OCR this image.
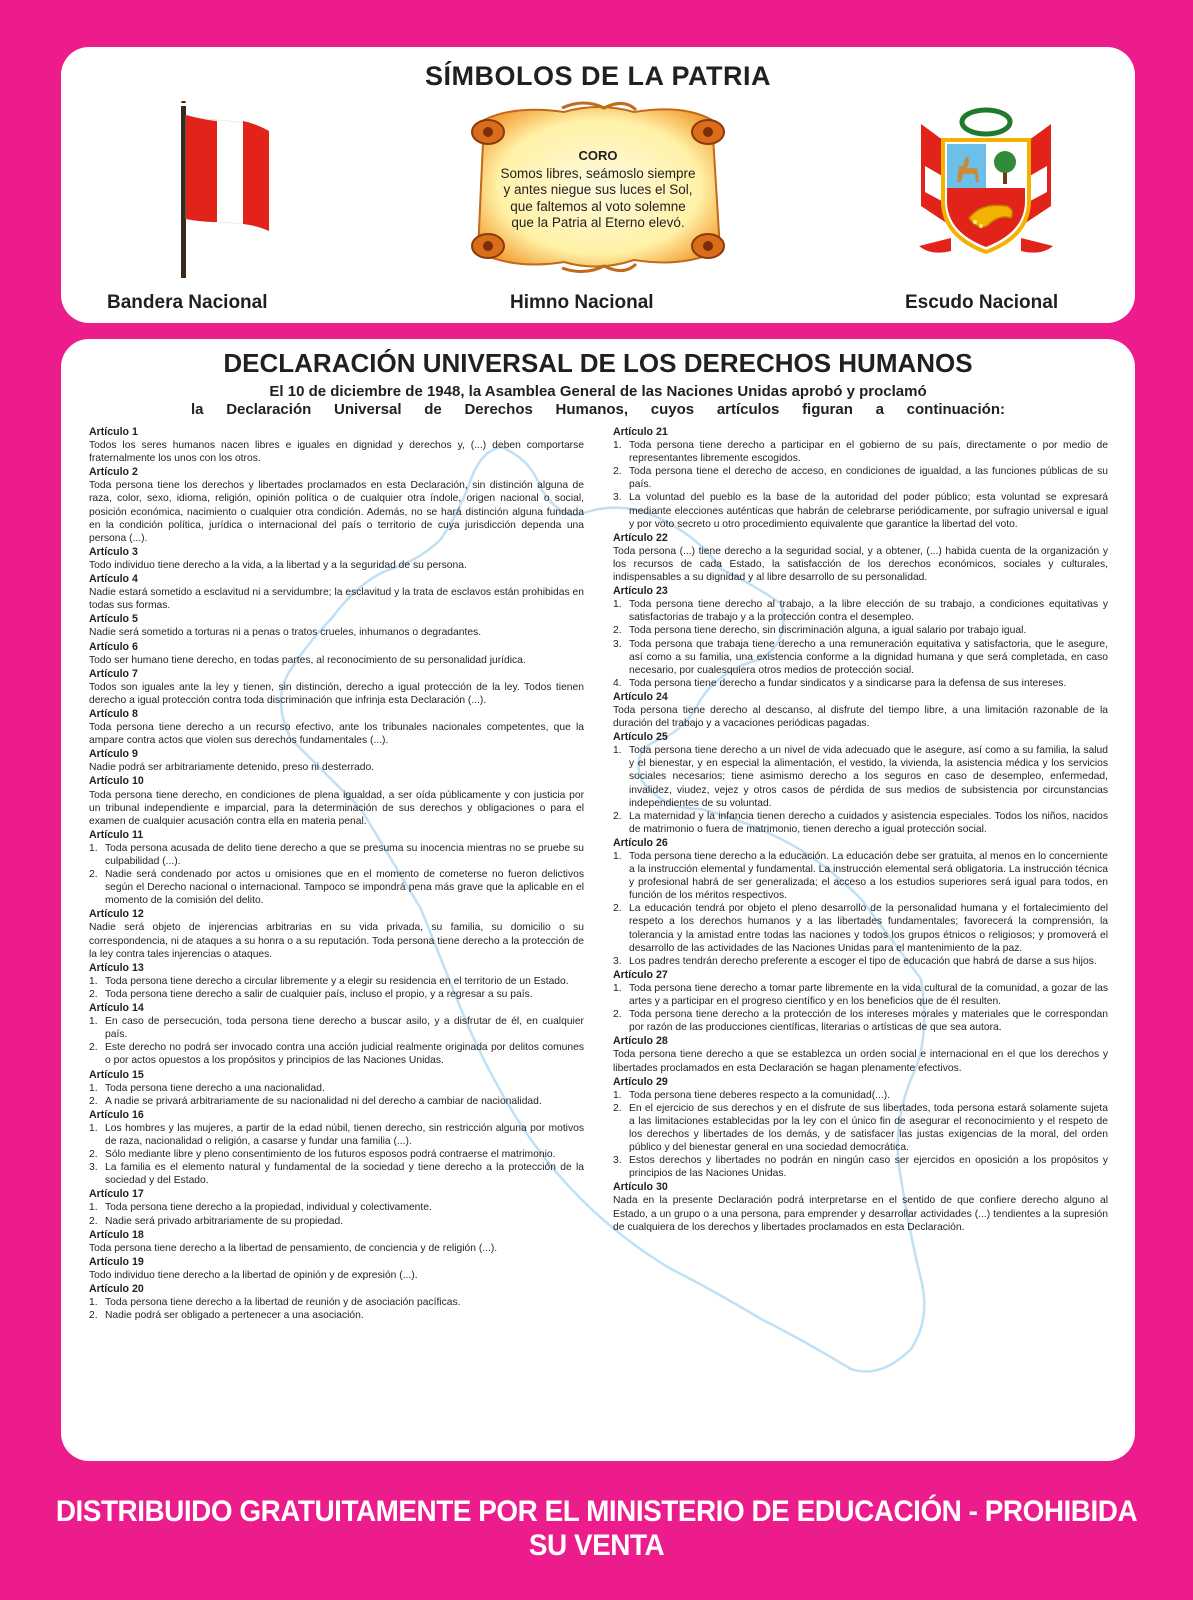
SÍMBOLOS DE LA PATRIA
Bandera Nacional
CORO
Somos libres, seámoslo siempre
y antes niegue sus luces el Sol,
que faltemos al voto solemne
que la Patria al Eterno elevó.
Himno Nacional	Escudo Nacional
DECLARACIÓN UNIVERSAL DE LOS DERECHOS HUMANOS
El 10 de diciembre de 1948, la Asamblea General de las Naciones Unidas aprobó y proclamó
la Declaración Universal de Derechos Humanos, cuyos artículos figuran a continuación:
Artículo 1
Todos los seres humanos nacen libres e iguales en dignidad y derechos y, (...) deben comportarse fraternalmente los unos con los otros.
Artículo 2
Toda persona tiene los derechos y libertades proclamados en esta Declaración, sin distinción alguna de raza, color, sexo, idioma, religión, opinión política o de cualquier otra índole, origen nacional o social, posición económica, nacimiento o cualquier otra condición. Además, no se hará distinción alguna fundada en la condición política, jurídica o internacional del país o territorio de cuya jurisdicción dependa una persona (...).
Artículo 3
Todo individuo tiene derecho a la vida, a la libertad y a la seguridad de su persona.
Artículo 4
Nadie estará sometido a esclavitud ni a servidumbre; la esclavitud y la trata de esclavos están prohibidas en todas sus formas.
Artículo 5
Nadie será sometido a torturas ni a penas o tratos crueles, inhumanos o degradantes.
Artículo 6
Todo ser humano tiene derecho, en todas partes, al reconocimiento de su personalidad jurídica.
Artículo 7
Todos son iguales ante la ley y tienen, sin distinción, derecho a igual protección de la ley. Todos tienen derecho a igual protección contra toda discriminación que infrinja esta Declaración (...).
Artículo 8
Toda persona tiene derecho a un recurso efectivo, ante los tribunales nacionales competentes, que la ampare contra actos que violen sus derechos fundamentales (...).
Artículo 9
Nadie podrá ser arbitrariamente detenido, preso ni desterrado.
Artículo 10
Toda persona tiene derecho, en condiciones de plena igualdad, a ser oída públicamente y con justicia por un tribunal independiente e imparcial, para la determinación de sus derechos y obligaciones o para el examen de cualquier acusación contra ella en materia penal.
Artículo 11
1. Toda persona acusada de delito tiene derecho a que se presuma su inocencia mientras no se pruebe su culpabilidad (...).
2. Nadie será condenado por actos u omisiones que en el momento de cometerse no fueron delictivos según el Derecho nacional o internacional. Tampoco se impondrá pena más grave que la aplicable en el momento de la comisión del delito.
Artículo 12
Nadie será objeto de injerencias arbitrarias en su vida privada, su familia, su domicilio o su correspondencia, ni de ataques a su honra o a su reputación. Toda persona tiene derecho a la protección de la ley contra tales injerencias o ataques.
Artículo 13
1. Toda persona tiene derecho a circular libremente y a elegir su residencia en el territorio de un Estado.
2. Toda persona tiene derecho a salir de cualquier país, incluso el propio, y a regresar a su país.
Artículo 14
1. En caso de persecución, toda persona tiene derecho a buscar asilo, y a disfrutar de él, en cualquier país.
2. Este derecho no podrá ser invocado contra una acción judicial realmente originada por delitos comunes o por actos opuestos a los propósitos y principios de las Naciones Unidas.
Artículo 15
1. Toda persona tiene derecho a una nacionalidad.
2. A nadie se privará arbitrariamente de su nacionalidad ni del derecho a cambiar de nacionalidad.
Artículo 16
1. Los hombres y las mujeres, a partir de la edad núbil, tienen derecho, sin restricción alguna por motivos de raza, nacionalidad o religión, a casarse y fundar una familia (...).
2. Sólo mediante libre y pleno consentimiento de los futuros esposos podrá contraerse el matrimonio.
3. La familia es el elemento natural y fundamental de la sociedad y tiene derecho a la protección de la sociedad y del Estado.
Artículo 17
1. Toda persona tiene derecho a la propiedad, individual y colectivamente.
2. Nadie será privado arbitrariamente de su propiedad.
Artículo 18
Toda persona tiene derecho a la libertad de pensamiento, de conciencia y de religión (...).
Artículo 19
Todo individuo tiene derecho a la libertad de opinión y de expresión (...).
Artículo 20
1. Toda persona tiene derecho a la libertad de reunión y de asociación pacíficas.
2. Nadie podrá ser obligado a pertenecer a una asociación.
Artículo 21
1. Toda persona tiene derecho a participar en el gobierno de su país, directamente o por medio de representantes libremente escogidos.
2. Toda persona tiene el derecho de acceso, en condiciones de igualdad, a las funciones públicas de su país.
3. La voluntad del pueblo es la base de la autoridad del poder público; esta voluntad se expresará mediante elecciones auténticas que habrán de celebrarse periódicamente, por sufragio universal e igual y por voto secreto u otro procedimiento equivalente que garantice la libertad del voto.
Artículo 22
Toda persona (...) tiene derecho a la seguridad social, y a obtener, (...) habida cuenta de la organización y los recursos de cada Estado, la satisfacción de los derechos económicos, sociales y culturales, indispensables a su dignidad y al libre desarrollo de su personalidad.
Artículo 23
1. Toda persona tiene derecho al trabajo, a la libre elección de su trabajo, a condiciones equitativas y satisfactorias de trabajo y a la protección contra el desempleo.
2. Toda persona tiene derecho, sin discriminación alguna, a igual salario por trabajo igual.
3. Toda persona que trabaja tiene derecho a una remuneración equitativa y satisfactoria, que le asegure, así como a su familia, una existencia conforme a la dignidad humana y que será completada, en caso necesario, por cualesquiera otros medios de protección social.
4. Toda persona tiene derecho a fundar sindicatos y a sindicarse para la defensa de sus intereses.
Artículo 24
Toda persona tiene derecho al descanso, al disfrute del tiempo libre, a una limitación razonable de la duración del trabajo y a vacaciones periódicas pagadas.
Artículo 25
1. Toda persona tiene derecho a un nivel de vida adecuado que le asegure, así como a su familia, la salud y el bienestar, y en especial la alimentación, el vestido, la vivienda, la asistencia médica y los servicios sociales necesarios; tiene asimismo derecho a los seguros en caso de desempleo, enfermedad, invalidez, viudez, vejez y otros casos de pérdida de sus medios de subsistencia por circunstancias independientes de su voluntad.
2. La maternidad y la infancia tienen derecho a cuidados y asistencia especiales. Todos los niños, nacidos de matrimonio o fuera de matrimonio, tienen derecho a igual protección social.
Artículo 26
1. Toda persona tiene derecho a la educación. La educación debe ser gratuita, al menos en lo concerniente a la instrucción elemental y fundamental. La instrucción elemental será obligatoria. La instrucción técnica y profesional habrá de ser generalizada; el acceso a los estudios superiores será igual para todos, en función de los méritos respectivos.
2. La educación tendrá por objeto el pleno desarrollo de la personalidad humana y el fortalecimiento del respeto a los derechos humanos y a las libertades fundamentales; favorecerá la comprensión, la tolerancia y la amistad entre todas las naciones y todos los grupos étnicos o religiosos; y promoverá el desarrollo de las actividades de las Naciones Unidas para el mantenimiento de la paz.
3. Los padres tendrán derecho preferente a escoger el tipo de educación que habrá de darse a sus hijos.
Artículo 27
1. Toda persona tiene derecho a tomar parte libremente en la vida cultural de la comunidad, a gozar de las artes y a participar en el progreso científico y en los beneficios que de él resulten.
2. Toda persona tiene derecho a la protección de los intereses morales y materiales que le correspondan por razón de las producciones científicas, literarias o artísticas de que sea autora.
Artículo 28
Toda persona tiene derecho a que se establezca un orden social e internacional en el que los derechos y libertades proclamados en esta Declaración se hagan plenamente efectivos.
Artículo 29
1. Toda persona tiene deberes respecto a la comunidad(...).
2. En el ejercicio de sus derechos y en el disfrute de sus libertades, toda persona estará solamente sujeta a las limitaciones establecidas por la ley con el único fin de asegurar el reconocimiento y el respeto de los derechos y libertades de los demás, y de satisfacer las justas exigencias de la moral, del orden público y del bienestar general en una sociedad democrática.
3. Estos derechos y libertades no podrán en ningún caso ser ejercidos en oposición a los propósitos y principios de las Naciones Unidas.
Artículo 30
Nada en la presente Declaración podrá interpretarse en el sentido de que confiere derecho alguno al Estado, a un grupo o a una persona, para emprender y desarrollar actividades (...) tendientes a la supresión de cualquiera de los derechos y libertades proclamados en esta Declaración.
DISTRIBUIDO GRATUITAMENTE POR EL MINISTERIO DE EDUCACIÓN - PROHIBIDA SU VENTA
